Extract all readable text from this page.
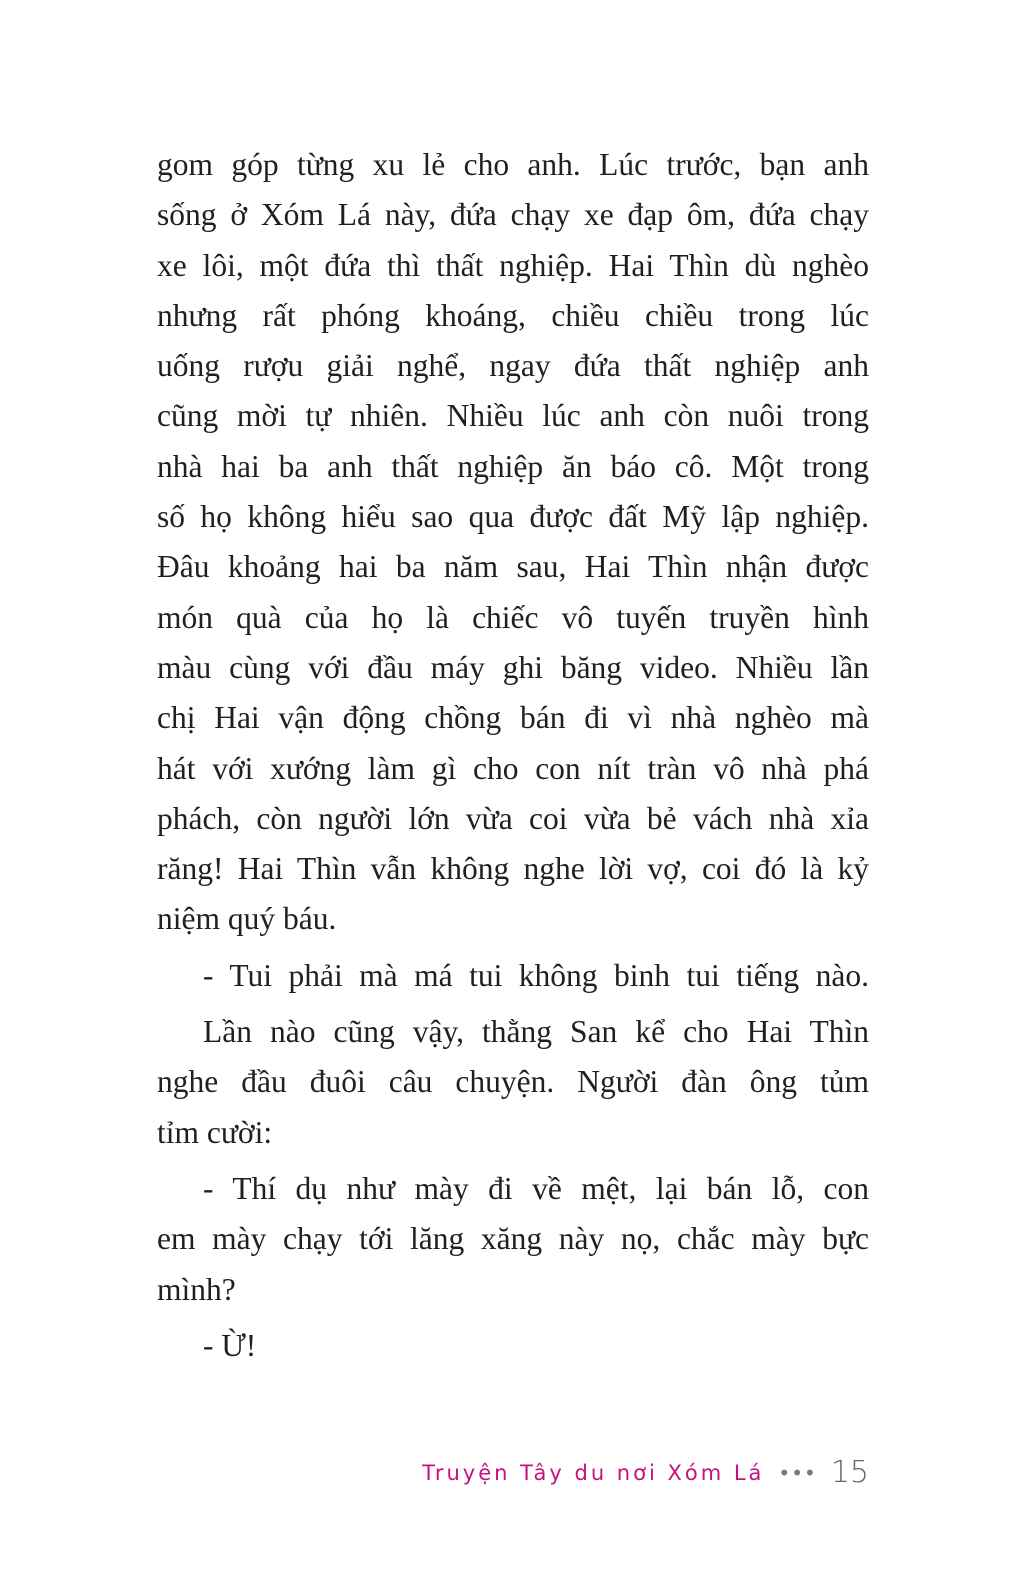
gom góp từng xu lẻ cho anh. Lúc trước, bạn anh
sống ở Xóm Lá này, đứa chạy xe đạp ôm, đứa chạy
xe lôi, một đứa thì thất nghiệp. Hai Thìn dù nghèo
nhưng rất phóng khoáng, chiều chiều trong lúc
uống rượu giải nghể, ngay đứa thất nghiệp anh
cũng mời tự nhiên. Nhiều lúc anh còn nuôi trong
nhà hai ba anh thất nghiệp ăn báo cô. Một trong
số họ không hiểu sao qua được đất Mỹ lập nghiệp.
Đâu khoảng hai ba năm sau, Hai Thìn nhận được
món quà của họ là chiếc vô tuyến truyền hình
màu cùng với đầu máy ghi băng video. Nhiều lần
chị Hai vận động chồng bán đi vì nhà nghèo mà
hát với xướng làm gì cho con nít tràn vô nhà phá
phách, còn người lớn vừa coi vừa bẻ vách nhà xỉa
răng! Hai Thìn vẫn không nghe lời vợ, coi đó là kỷ
niệm quý báu.
- Tui phải mà má tui không binh tui tiếng nào.
Lần nào cũng vậy, thằng San kể cho Hai Thìn
nghe đầu đuôi câu chuyện. Người đàn ông tủm
tỉm cười:
- Thí dụ như mày đi về mệt, lại bán lỗ, con
em mày chạy tới lăng xăng này nọ, chắc mày bực
mình?
- Ừ!
Truyện Tây du nơi Xóm Lá ••• 15
